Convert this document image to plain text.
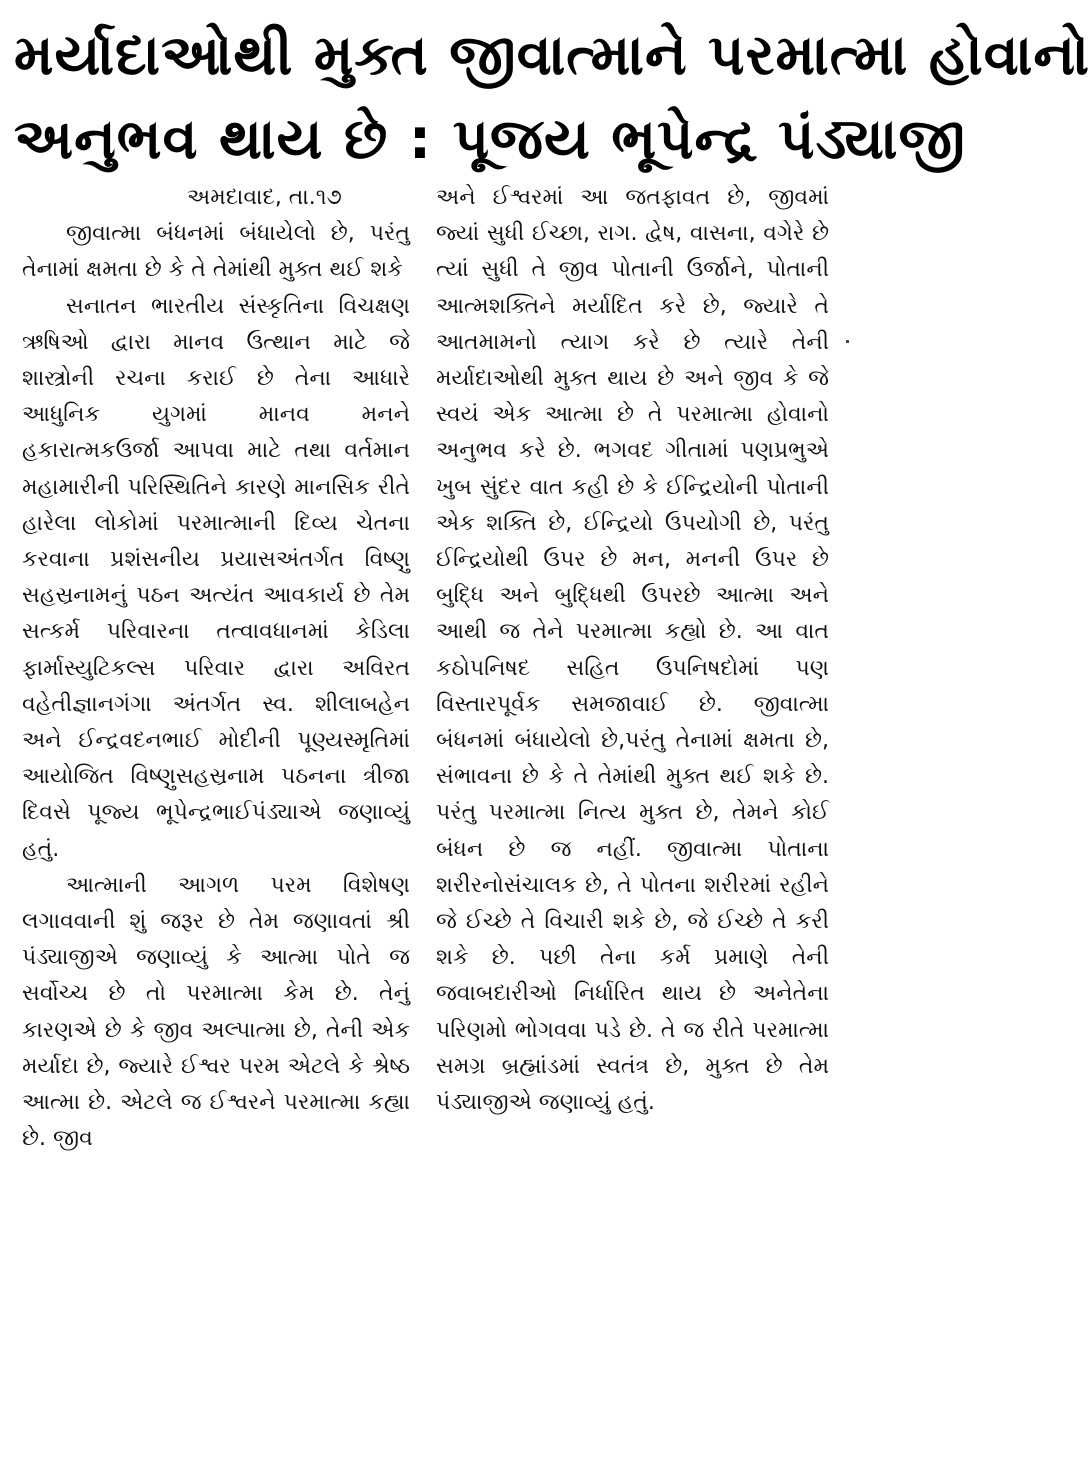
મર્યાદાઓથી મુક્ત જીવાત્માને પરમાત્મા હોવાનો
અનુભવ થાય છે : પૂજય ભૂપેન્દ્ર પંડ્યાજી

અમદાવાદ, તા.૧૭

જીવાત્મા બંધનમાં બંધાયેલો છે, પરંતુ તેનામાં ક્ષમતા છે કે તે તેમાંથી મુક્ત થઈ શકે

સનાતન ભારતીય સંસ્કૃતિના વિચક્ષણ ઋષિઓ દ્વારા માનવ ઉત્થાન માટે જે શાસ્ત્રોની રચના કરાઈ છે તેના આધારે આધુનિક યુગમાં માનવ મનને હકારાત્મકઉર્જા આપવા માટે તથા વર્તમાન મહામારીની પરિસ્થિતિને કારણે માનસિક રીતે હારેલા લોકોમાં પરમાત્માની દિવ્ય ચેતના કરવાના પ્રશંસનીય પ્રયાસઅંતર્ગત વિષ્ણુ સહસ્રનામનું પઠન અત્યંત આવકાર્ય છે તેમ સત્કર્મ પરિવારના તત્વાવધાનમાં કેડિલા ફાર્માસ્યુટિકલ્સ પરિવાર દ્વારા અવિરત વહેતીજ્ઞાનગંગા અંતર્ગત સ્વ. શીલાબહેન અને ઈન્દ્રવદનભાઈ મોદીની પૂણ્યસ્મૃતિમાં આયોજિત વિષ્ણુસહસ્રનામ પઠનના ત્રીજા દિવસે પૂજ્ય ભૂપેન્દ્રભાઈપંડ્યાએ જણાવ્યું હતું.

આત્માની આગળ પરમ વિશેષણ લગાવવાની શું જરૂર છે તેમ જણાવતાં શ્રી પંડ્યાજીએ જણાવ્યું કે આત્મા પોતે જ સર્વોચ્ચ છે તો પરમાત્મા કેમ છે. તેનું કારણએ છે કે જીવ અલ્પાત્મા છે, તેની એક મર્યાદા છે, જ્યારે ઈશ્વર પરમ એટલે કે શ્રેષ્ઠ આત્મા છે. એટલે જ ઈશ્વરને પરમાત્મા કહ્યા છે. જીવ

અને ઈશ્વરમાં આ જતફાવત છે, જીવમાં જ્યાં સુધી ઈચ્છા, રાગ. દ્વેષ, વાસના, વગેરે છે ત્યાં સુધી તે જીવ પોતાની ઉર્જાને, પોતાની આત્મશક્તિને મર્યાદિત કરે છે, જ્યારે તે આતમામનો ત્યાગ કરે છે ત્યારે તેની મર્યાદાઓથી મુક્ત થાય છે અને જીવ કે જે સ્વયં એક આત્મા છે તે પરમાત્મા હોવાનો અનુભવ કરે છે. ભગવદ ગીતામાં પણપ્રભુએ ખુબ સુંદર વાત કહી છે કે ઈન્દ્રિયોની પોતાની એક શક્તિ છે, ઈન્દ્રિયો ઉપયોગી છે, પરંતુ ઈન્દ્રિયોથી ઉપર છે મન, મનની ઉપર છે બુદ્ધિ અને બુદ્ધિથી ઉપરછે આત્મા અને આથી જ તેને પરમાત્મા કહ્યો છે. આ વાત કઠોપનિષદ સહિત ઉપનિષદોમાં પણ વિસ્તારપૂર્વક સમજાવાઈ છે. જીવાત્મા બંધનમાં બંધાયેલો છે,પરંતુ તેનામાં ક્ષમતા છે, સંભાવના છે કે તે તેમાંથી મુક્ત થઈ શકે છે. પરંતુ પરમાત્મા નિત્ય મુક્ત છે, તેમને કોઈ બંધન છે જ નહીં. જીવાત્મા પોતાના શરીરનોસંચાલક છે, તે પોતના શરીરમાં રહીને જે ઈચ્છે તે વિચારી શકે છે, જે ઈચ્છે તે કરી શકે છે. પછી તેના કર્મ પ્રમાણે તેની જવાબદારીઓ નિર્ધારિત થાય છે અનેતેના પરિણમો ભોગવવા પડે છે. તે જ રીતે પરમાત્મા સમગ્ર બ્રહ્માંડમાં સ્વતંત્ર છે, મુક્ત છે તેમ પંડ્યાજીએ જણાવ્યું હતું.
